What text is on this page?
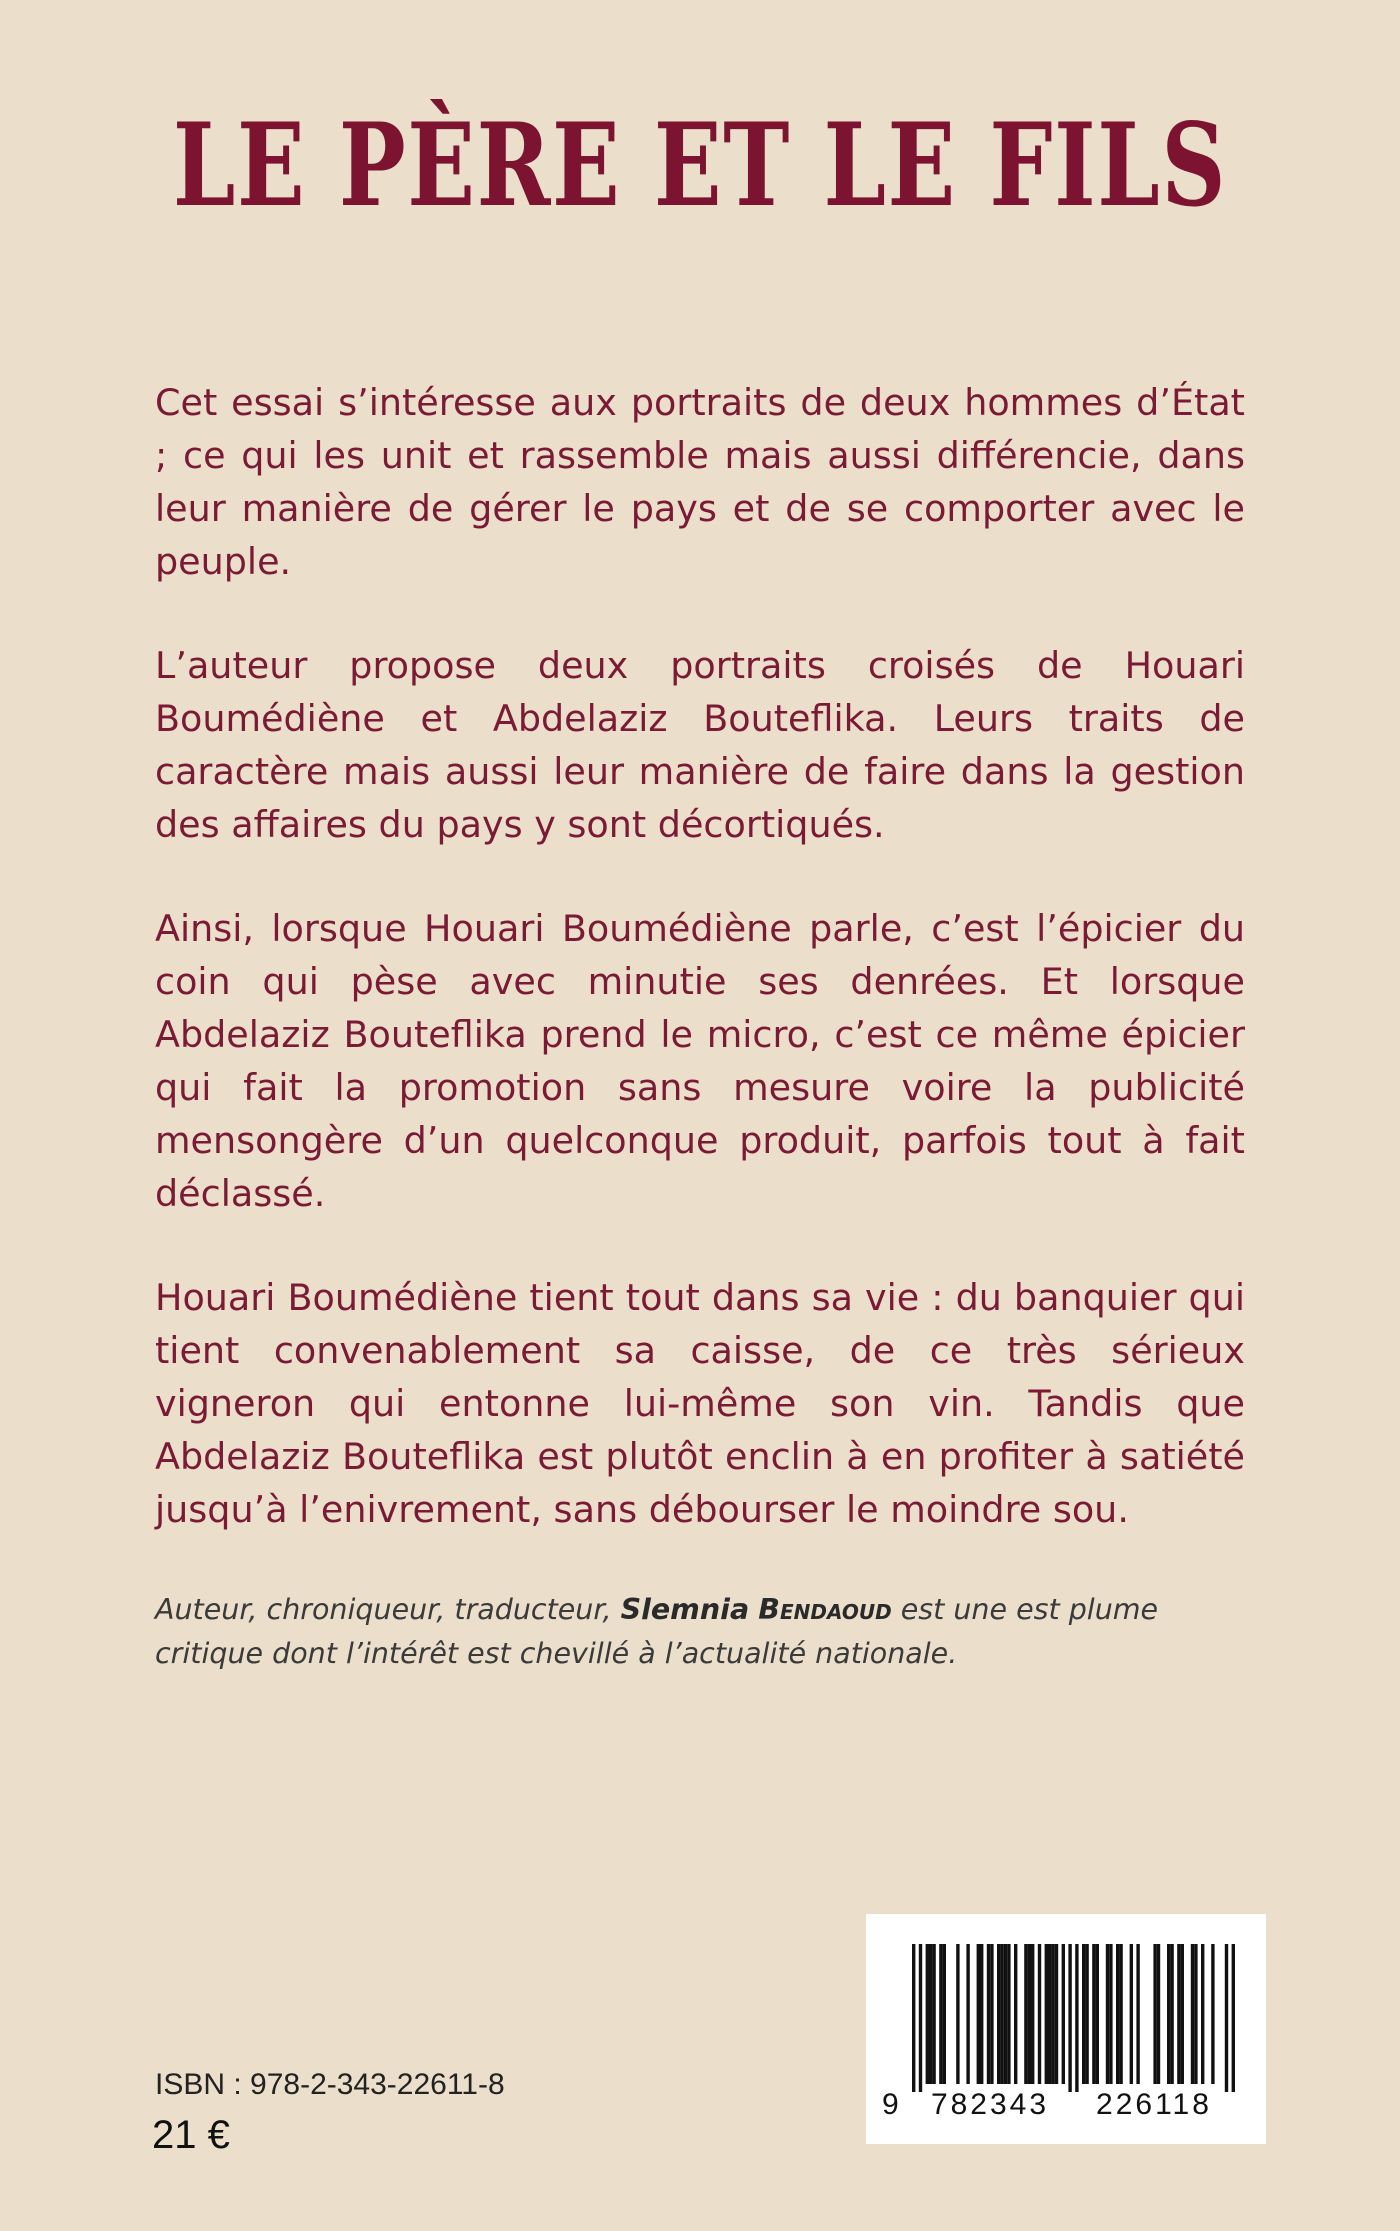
LE PÈRE ET LE FILS

Cet essai s’intéresse aux portraits de deux hommes d’État ; ce qui les unit et rassemble mais aussi différencie, dans leur manière de gérer le pays et de se comporter avec le peuple.

L’auteur propose deux portraits croisés de Houari Boumédiène et Abdelaziz Bouteflika. Leurs traits de caractère mais aussi leur manière de faire dans la gestion des affaires du pays y sont décortiqués.

Ainsi, lorsque Houari Boumédiène parle, c’est l’épicier du coin qui pèse avec minutie ses denrées. Et lorsque Abdelaziz Bouteflika prend le micro, c’est ce même épicier qui fait la promotion sans mesure voire la publicité mensongère d’un quelconque produit, parfois tout à fait déclassé.

Houari Boumédiène tient tout dans sa vie : du banquier qui tient convenablement sa caisse, de ce très sérieux vigneron qui entonne lui-même son vin. Tandis que Abdelaziz Bouteflika est plutôt enclin à en profiter à satiété jusqu’à l’enivrement, sans débourser le moindre sou.

Auteur, chroniqueur, traducteur, Slemnia Bendaoud est une est plume critique dont l’intérêt est chevillé à l’actualité nationale.
ISBN : 978-2-343-22611-8
21 €
9 782343 226118
